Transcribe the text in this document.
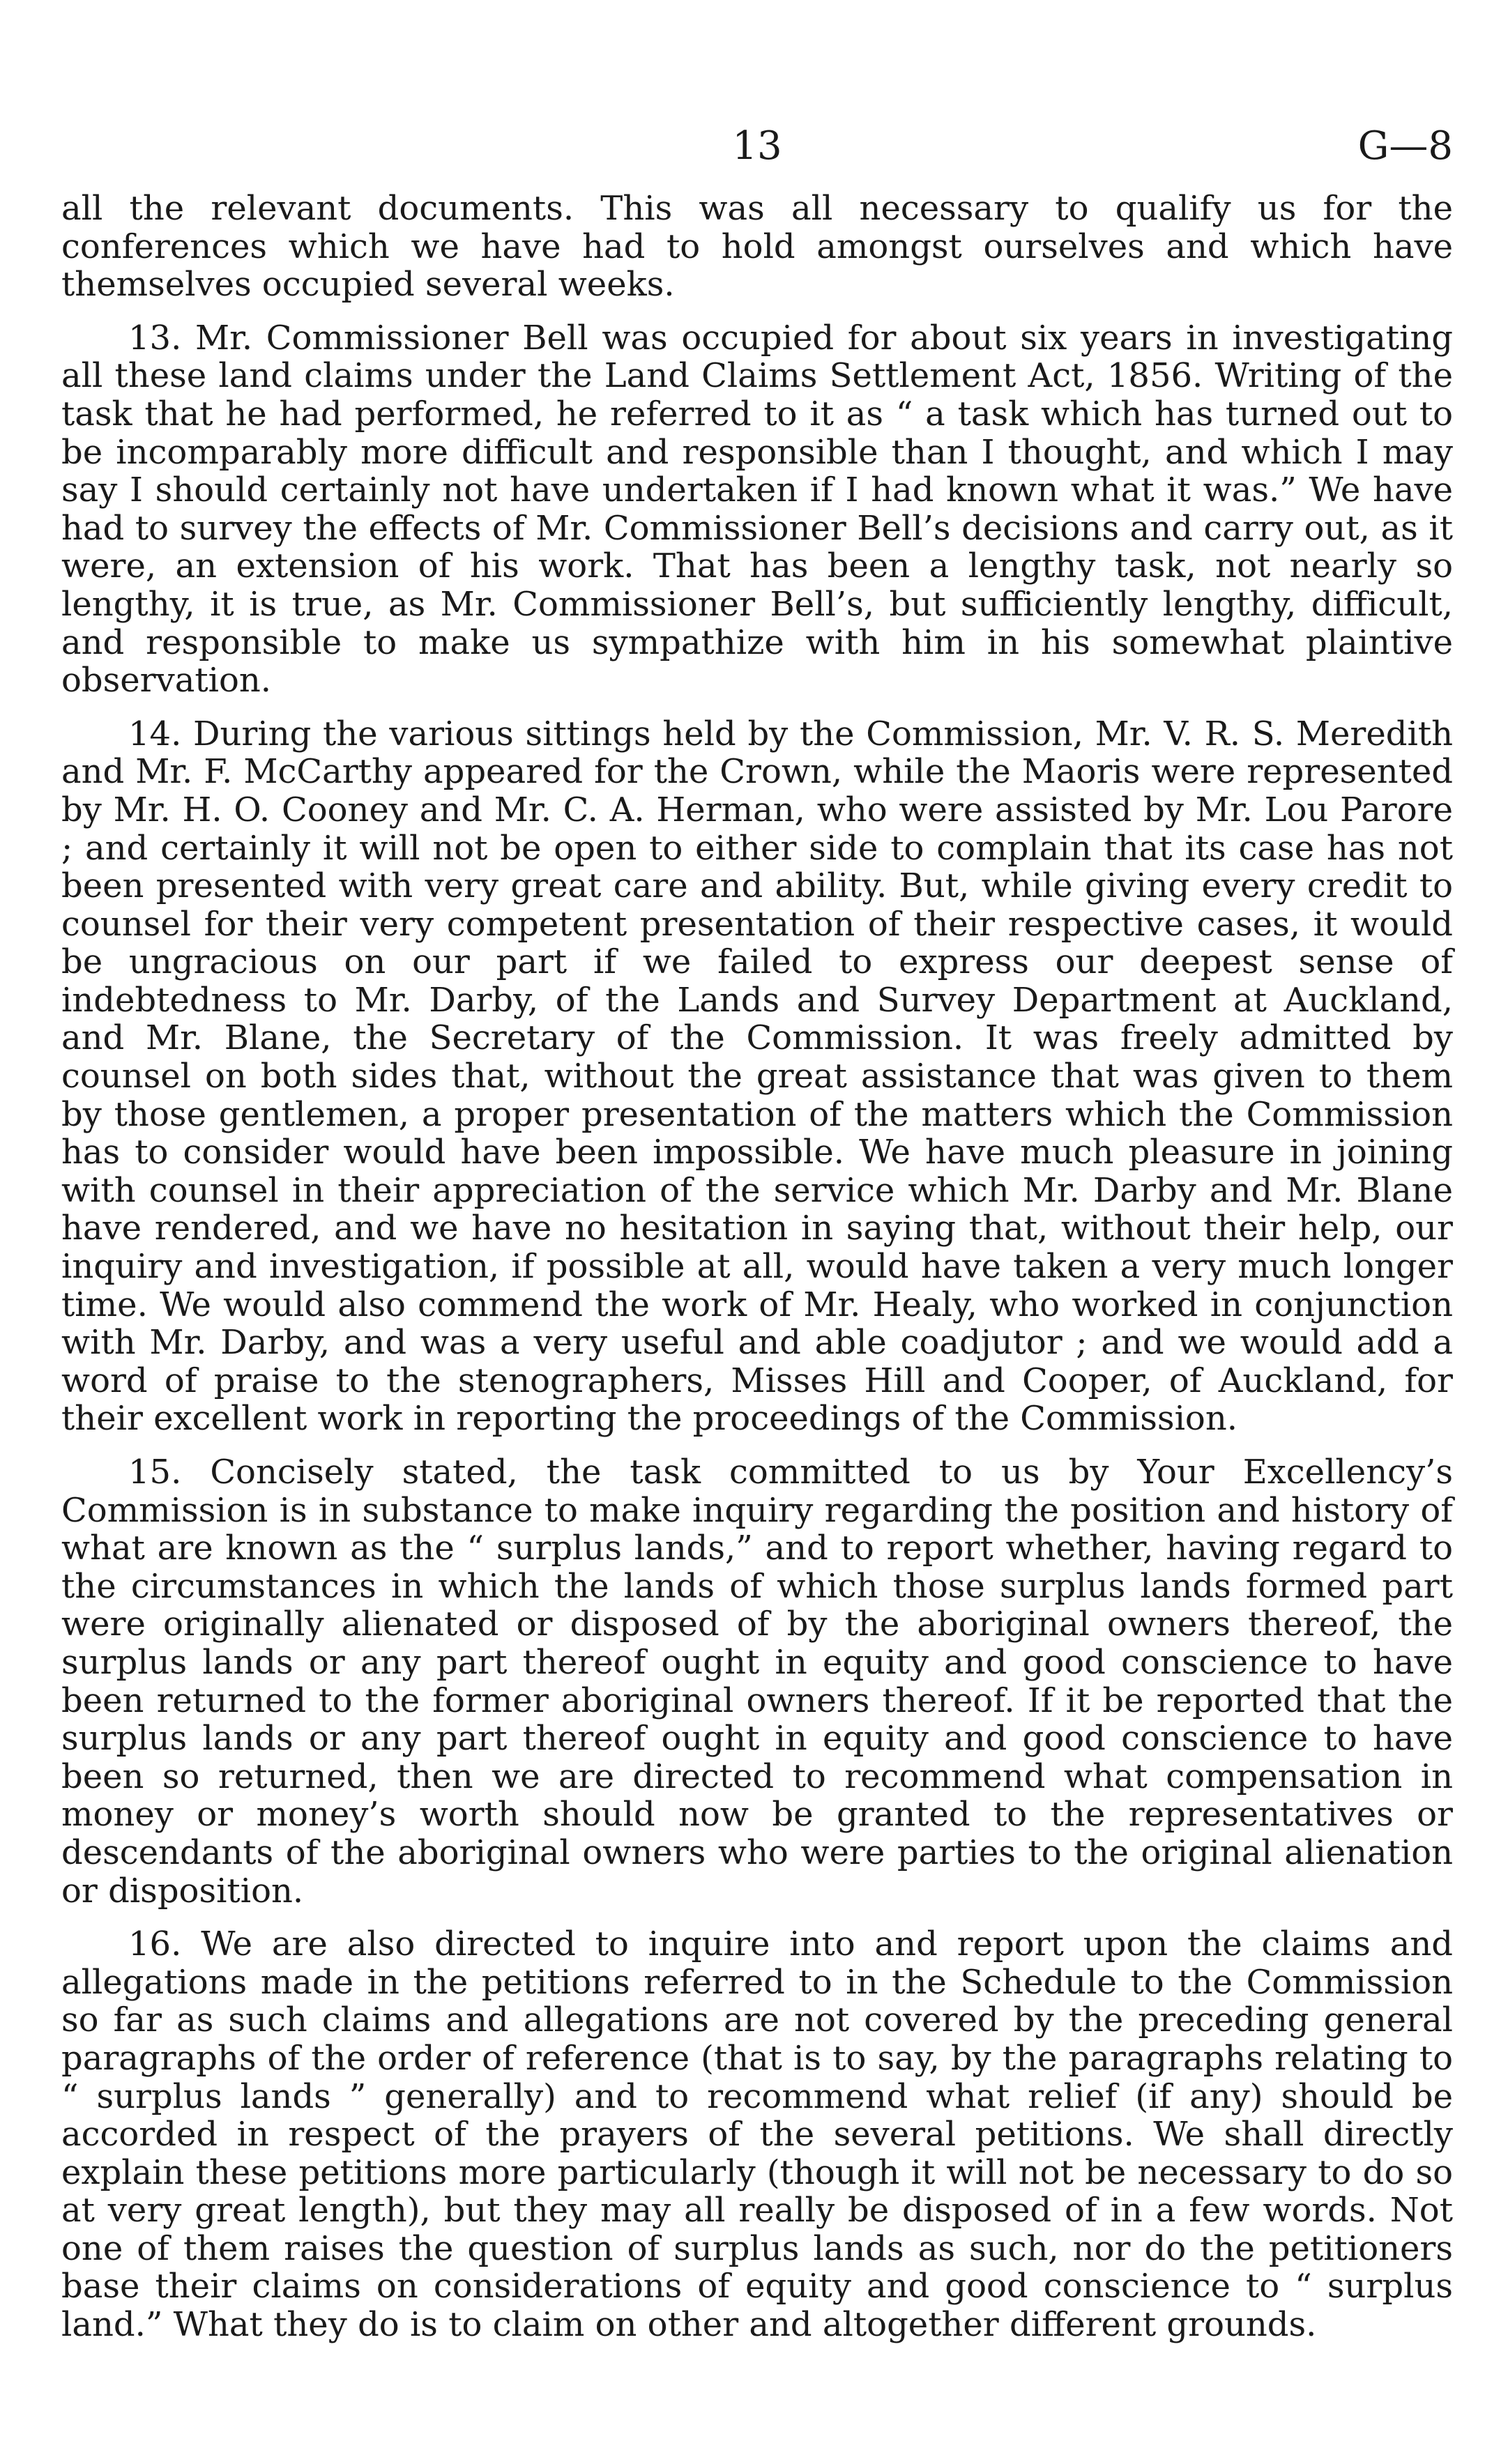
13	G—8

all the relevant documents. This was all necessary to qualify us for the conferences which we have had to hold amongst ourselves and which have themselves occupied several weeks.

13. Mr. Commissioner Bell was occupied for about six years in investigating all these land claims under the Land Claims Settlement Act, 1856. Writing of the task that he had performed, he referred to it as “ a task which has turned out to be incomparably more difficult and responsible than I thought, and which I may say I should certainly not have undertaken if I had known what it was.” We have had to survey the effects of Mr. Commissioner Bell’s decisions and carry out, as it were, an extension of his work. That has been a lengthy task, not nearly so lengthy, it is true, as Mr. Commissioner Bell’s, but sufficiently lengthy, difficult, and responsible to make us sympathize with him in his somewhat plaintive observation.

14. During the various sittings held by the Commission, Mr. V. R. S. Meredith and Mr. F. McCarthy appeared for the Crown, while the Maoris were represented by Mr. H. O. Cooney and Mr. C. A. Herman, who were assisted by Mr. Lou Parore ; and certainly it will not be open to either side to complain that its case has not been presented with very great care and ability. But, while giving every credit to counsel for their very competent presentation of their respective cases, it would be ungracious on our part if we failed to express our deepest sense of indebtedness to Mr. Darby, of the Lands and Survey Department at Auckland, and Mr. Blane, the Secretary of the Commission. It was freely admitted by counsel on both sides that, without the great assistance that was given to them by those gentlemen, a proper presentation of the matters which the Commission has to consider would have been impossible. We have much pleasure in joining with counsel in their appreciation of the service which Mr. Darby and Mr. Blane have rendered, and we have no hesitation in saying that, without their help, our inquiry and investigation, if possible at all, would have taken a very much longer time. We would also commend the work of Mr. Healy, who worked in conjunction with Mr. Darby, and was a very useful and able coadjutor ; and we would add a word of praise to the stenographers, Misses Hill and Cooper, of Auckland, for their excellent work in reporting the proceedings of the Commission.

15. Concisely stated, the task committed to us by Your Excellency’s Commission is in substance to make inquiry regarding the position and history of what are known as the “ surplus lands,” and to report whether, having regard to the circumstances in which the lands of which those surplus lands formed part were originally alienated or disposed of by the aboriginal owners thereof, the surplus lands or any part thereof ought in equity and good conscience to have been returned to the former aboriginal owners thereof. If it be reported that the surplus lands or any part thereof ought in equity and good conscience to have been so returned, then we are directed to recommend what compensation in money or money’s worth should now be granted to the representatives or descendants of the aboriginal owners who were parties to the original alienation or disposition.

16. We are also directed to inquire into and report upon the claims and allegations made in the petitions referred to in the Schedule to the Commission so far as such claims and allegations are not covered by the preceding general paragraphs of the order of reference (that is to say, by the paragraphs relating to “ surplus lands ” generally) and to recommend what relief (if any) should be accorded in respect of the prayers of the several petitions. We shall directly explain these petitions more particularly (though it will not be necessary to do so at very great length), but they may all really be disposed of in a few words. Not one of them raises the question of surplus lands as such, nor do the petitioners base their claims on considerations of equity and good conscience to “ surplus land.” What they do is to claim on other and altogether different grounds.
